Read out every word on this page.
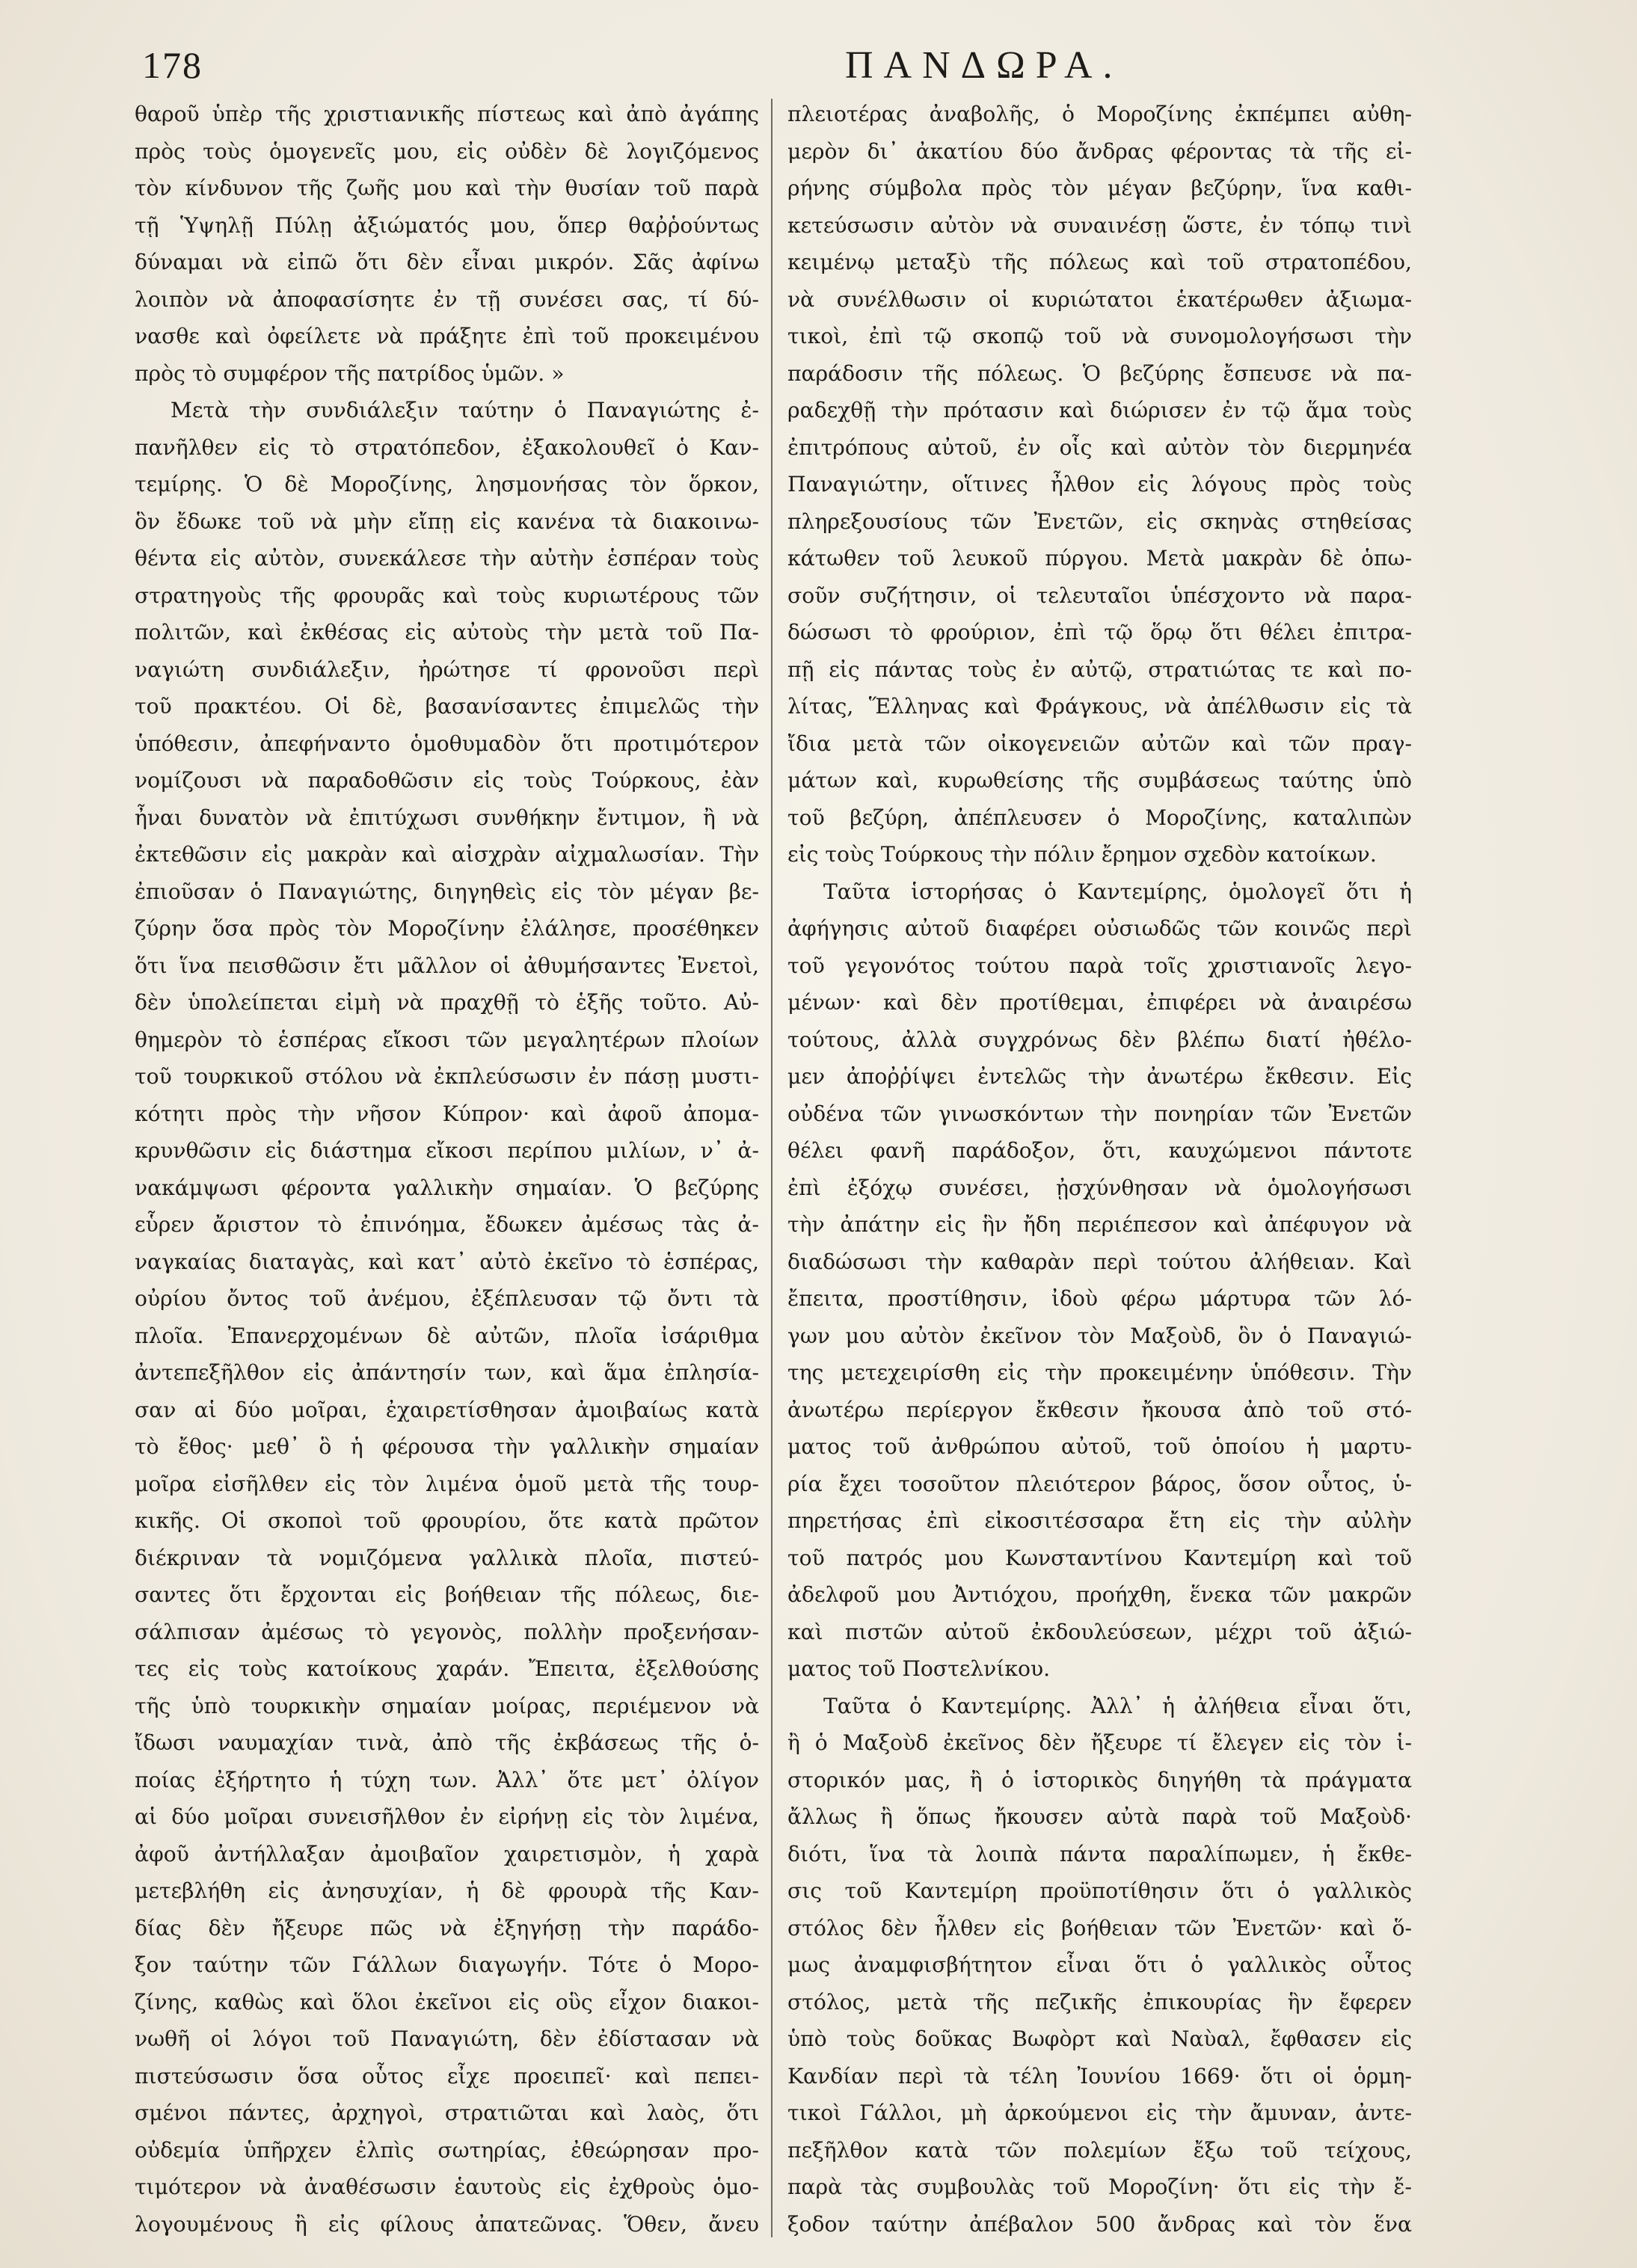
178	ΠΑΝΔΩΡΑ.
θαροῦ ὑπὲρ τῆς χριστιανικῆς πίστεως καὶ ἀπὸ ἀγάπης
πρὸς τοὺς ὁμογενεῖς μου, εἰς οὐδὲν δὲ λογιζόμενος
τὸν κίνδυνον τῆς ζωῆς μου καὶ τὴν θυσίαν τοῦ παρὰ
τῇ Ὑψηλῇ Πύλῃ ἀξιώματός μου, ὅπερ θαῤῥούντως
δύναμαι νὰ εἰπῶ ὅτι δὲν εἶναι μικρόν. Σᾶς ἀφίνω
λοιπὸν νὰ ἀποφασίσητε ἐν τῇ συνέσει σας, τί δύ-
νασθε καὶ ὀφείλετε νὰ πράξητε ἐπὶ τοῦ προκειμένου
πρὸς τὸ συμφέρον τῆς πατρίδος ὑμῶν. »
Μετὰ τὴν συνδιάλεξιν ταύτην ὁ Παναγιώτης ἐ-
πανῆλθεν εἰς τὸ στρατόπεδον, ἐξακολουθεῖ ὁ Καν-
τεμίρης. Ὁ δὲ Μοροζίνης, λησμονήσας τὸν ὅρκον,
ὃν ἔδωκε τοῦ νὰ μὴν εἴπῃ εἰς κανένα τὰ διακοινω-
θέντα εἰς αὐτὸν, συνεκάλεσε τὴν αὐτὴν ἑσπέραν τοὺς
στρατηγοὺς τῆς φρουρᾶς καὶ τοὺς κυριωτέρους τῶν
πολιτῶν, καὶ ἐκθέσας εἰς αὐτοὺς τὴν μετὰ τοῦ Πα-
ναγιώτη συνδιάλεξιν, ἠρώτησε τί φρονοῦσι περὶ
τοῦ πρακτέου. Οἱ δὲ, βασανίσαντες ἐπιμελῶς τὴν
ὑπόθεσιν, ἀπεφήναντο ὁμοθυμαδὸν ὅτι προτιμότερον
νομίζουσι νὰ παραδοθῶσιν εἰς τοὺς Τούρκους, ἐὰν
ἦναι δυνατὸν νὰ ἐπιτύχωσι συνθήκην ἔντιμον, ἢ νὰ
ἐκτεθῶσιν εἰς μακρὰν καὶ αἰσχρὰν αἰχμαλωσίαν. Τὴν
ἐπιοῦσαν ὁ Παναγιώτης, διηγηθεὶς εἰς τὸν μέγαν βε-
ζύρην ὅσα πρὸς τὸν Μοροζίνην ἐλάλησε, προσέθηκεν
ὅτι ἵνα πεισθῶσιν ἔτι μᾶλλον οἱ ἀθυμήσαντες Ἐνετοὶ,
δὲν ὑπολείπεται εἰμὴ νὰ πραχθῇ τὸ ἑξῆς τοῦτο. Αὐ-
θημερὸν τὸ ἑσπέρας εἴκοσι τῶν μεγαλητέρων πλοίων
τοῦ τουρκικοῦ στόλου νὰ ἐκπλεύσωσιν ἐν πάσῃ μυστι-
κότητι πρὸς τὴν νῆσον Κύπρον· καὶ ἀφοῦ ἀπομα-
κρυνθῶσιν εἰς διάστημα εἴκοσι περίπου μιλίων, ν᾽ ἀ-
νακάμψωσι φέροντα γαλλικὴν σημαίαν. Ὁ βεζύρης
εὗρεν ἄριστον τὸ ἐπινόημα, ἔδωκεν ἀμέσως τὰς ἀ-
ναγκαίας διαταγὰς, καὶ κατ᾽ αὐτὸ ἐκεῖνο τὸ ἑσπέρας,
οὐρίου ὄντος τοῦ ἀνέμου, ἐξέπλευσαν τῷ ὄντι τὰ
πλοῖα. Ἐπανερχομένων δὲ αὐτῶν, πλοῖα ἰσάριθμα
ἀντεπεξῆλθον εἰς ἀπάντησίν των, καὶ ἅμα ἐπλησία-
σαν αἱ δύο μοῖραι, ἐχαιρετίσθησαν ἀμοιβαίως κατὰ
τὸ ἔθος· μεθ᾽ ὃ ἡ φέρουσα τὴν γαλλικὴν σημαίαν
μοῖρα εἰσῆλθεν εἰς τὸν λιμένα ὁμοῦ μετὰ τῆς τουρ-
κικῆς. Οἱ σκοποὶ τοῦ φρουρίου, ὅτε κατὰ πρῶτον
διέκριναν τὰ νομιζόμενα γαλλικὰ πλοῖα, πιστεύ-
σαντες ὅτι ἔρχονται εἰς βοήθειαν τῆς πόλεως, διε-
σάλπισαν ἀμέσως τὸ γεγονὸς, πολλὴν προξενήσαν-
τες εἰς τοὺς κατοίκους χαράν. Ἔπειτα, ἐξελθούσης
τῆς ὑπὸ τουρκικὴν σημαίαν μοίρας, περιέμενον νὰ
ἴδωσι ναυμαχίαν τινὰ, ἀπὸ τῆς ἐκβάσεως τῆς ὁ-
ποίας ἐξήρτητο ἡ τύχη των. Ἀλλ᾽ ὅτε μετ᾽ ὀλίγον
αἱ δύο μοῖραι συνεισῆλθον ἐν εἰρήνῃ εἰς τὸν λιμένα,
ἀφοῦ ἀντήλλαξαν ἀμοιβαῖον χαιρετισμὸν, ἡ χαρὰ
μετεβλήθη εἰς ἀνησυχίαν, ἡ δὲ φρουρὰ τῆς Καν-
δίας δὲν ἤξευρε πῶς νὰ ἐξηγήσῃ τὴν παράδο-
ξον ταύτην τῶν Γάλλων διαγωγήν. Τότε ὁ Μορο-
ζίνης, καθὼς καὶ ὅλοι ἐκεῖνοι εἰς οὓς εἶχον διακοι-
νωθῆ οἱ λόγοι τοῦ Παναγιώτη, δὲν ἐδίστασαν νὰ
πιστεύσωσιν ὅσα οὗτος εἶχε προειπεῖ· καὶ πεπει-
σμένοι πάντες, ἀρχηγοὶ, στρατιῶται καὶ λαὸς, ὅτι
οὐδεμία ὑπῆρχεν ἐλπὶς σωτηρίας, ἐθεώρησαν προ-
τιμότερον νὰ ἀναθέσωσιν ἑαυτοὺς εἰς ἐχθροὺς ὁμο-
λογουμένους ἢ εἰς φίλους ἀπατεῶνας. Ὅθεν, ἄνευ
πλειοτέρας ἀναβολῆς, ὁ Μοροζίνης ἐκπέμπει αὐθη-
μερὸν δι᾽ ἀκατίου δύο ἄνδρας φέροντας τὰ τῆς εἰ-
ρήνης σύμβολα πρὸς τὸν μέγαν βεζύρην, ἵνα καθι-
κετεύσωσιν αὐτὸν νὰ συναινέσῃ ὥστε, ἐν τόπῳ τινὶ
κειμένῳ μεταξὺ τῆς πόλεως καὶ τοῦ στρατοπέδου,
νὰ συνέλθωσιν οἱ κυριώτατοι ἑκατέρωθεν ἀξιωμα-
τικοὶ, ἐπὶ τῷ σκοπῷ τοῦ νὰ συνομολογήσωσι τὴν
παράδοσιν τῆς πόλεως. Ὁ βεζύρης ἔσπευσε νὰ πα-
ραδεχθῇ τὴν πρότασιν καὶ διώρισεν ἐν τῷ ἅμα τοὺς
ἐπιτρόπους αὐτοῦ, ἐν οἷς καὶ αὐτὸν τὸν διερμηνέα
Παναγιώτην, οἵτινες ἦλθον εἰς λόγους πρὸς τοὺς
πληρεξουσίους τῶν Ἐνετῶν, εἰς σκηνὰς στηθείσας
κάτωθεν τοῦ λευκοῦ πύργου. Μετὰ μακρὰν δὲ ὁπω-
σοῦν συζήτησιν, οἱ τελευταῖοι ὑπέσχοντο νὰ παρα-
δώσωσι τὸ φρούριον, ἐπὶ τῷ ὅρῳ ὅτι θέλει ἐπιτρα-
πῇ εἰς πάντας τοὺς ἐν αὐτῷ, στρατιώτας τε καὶ πο-
λίτας, Ἕλληνας καὶ Φράγκους, νὰ ἀπέλθωσιν εἰς τὰ
ἴδια μετὰ τῶν οἰκογενειῶν αὐτῶν καὶ τῶν πραγ-
μάτων καὶ, κυρωθείσης τῆς συμβάσεως ταύτης ὑπὸ
τοῦ βεζύρη, ἀπέπλευσεν ὁ Μοροζίνης, καταλιπὼν
εἰς τοὺς Τούρκους τὴν πόλιν ἔρημον σχεδὸν κατοίκων.
Ταῦτα ἱστορήσας ὁ Καντεμίρης, ὁμολογεῖ ὅτι ἡ
ἀφήγησις αὐτοῦ διαφέρει οὐσιωδῶς τῶν κοινῶς περὶ
τοῦ γεγονότος τούτου παρὰ τοῖς χριστιανοῖς λεγο-
μένων· καὶ δὲν προτίθεμαι, ἐπιφέρει νὰ ἀναιρέσω
τούτους, ἀλλὰ συγχρόνως δὲν βλέπω διατί ἠθέλο-
μεν ἀποῤῥίψει ἐντελῶς τὴν ἀνωτέρω ἔκθεσιν. Εἰς
οὐδένα τῶν γινωσκόντων τὴν πονηρίαν τῶν Ἐνετῶν
θέλει φανῆ παράδοξον, ὅτι, καυχώμενοι πάντοτε
ἐπὶ ἐξόχῳ συνέσει, ᾐσχύνθησαν νὰ ὁμολογήσωσι
τὴν ἀπάτην εἰς ἣν ἤδη περιέπεσον καὶ ἀπέφυγον νὰ
διαδώσωσι τὴν καθαρὰν περὶ τούτου ἀλήθειαν. Καὶ
ἔπειτα, προστίθησιν, ἰδοὺ φέρω μάρτυρα τῶν λό-
γων μου αὐτὸν ἐκεῖνον τὸν Μαξοὺδ, ὃν ὁ Παναγιώ-
της μετεχειρίσθη εἰς τὴν προκειμένην ὑπόθεσιν. Τὴν
ἀνωτέρω περίεργον ἔκθεσιν ἤκουσα ἀπὸ τοῦ στό-
ματος τοῦ ἀνθρώπου αὐτοῦ, τοῦ ὁποίου ἡ μαρτυ-
ρία ἔχει τοσοῦτον πλειότερον βάρος, ὅσον οὗτος, ὑ-
πηρετήσας ἐπὶ εἰκοσιτέσσαρα ἔτη εἰς τὴν αὐλὴν
τοῦ πατρός μου Κωνσταντίνου Καντεμίρη καὶ τοῦ
ἀδελφοῦ μου Ἀντιόχου, προήχθη, ἕνεκα τῶν μακρῶν
καὶ πιστῶν αὐτοῦ ἐκδουλεύσεων, μέχρι τοῦ ἀξιώ-
ματος τοῦ Ποστελνίκου.
Ταῦτα ὁ Καντεμίρης. Ἀλλ᾽ ἡ ἀλήθεια εἶναι ὅτι,
ἢ ὁ Μαξοὺδ ἐκεῖνος δὲν ἤξευρε τί ἔλεγεν εἰς τὸν ἱ-
στορικόν μας, ἢ ὁ ἱστορικὸς διηγήθη τὰ πράγματα
ἄλλως ἢ ὅπως ἤκουσεν αὐτὰ παρὰ τοῦ Μαξοὺδ·
διότι, ἵνα τὰ λοιπὰ πάντα παραλίπωμεν, ἡ ἔκθε-
σις τοῦ Καντεμίρη προϋποτίθησιν ὅτι ὁ γαλλικὸς
στόλος δὲν ἦλθεν εἰς βοήθειαν τῶν Ἐνετῶν· καὶ ὅ-
μως ἀναμφισβήτητον εἶναι ὅτι ὁ γαλλικὸς οὗτος
στόλος, μετὰ τῆς πεζικῆς ἐπικουρίας ἣν ἔφερεν
ὑπὸ τοὺς δοῦκας Βωφὸρτ καὶ Ναὺαλ, ἔφθασεν εἰς
Κανδίαν περὶ τὰ τέλη Ἰουνίου 1669· ὅτι οἱ ὁρμη-
τικοὶ Γάλλοι, μὴ ἀρκούμενοι εἰς τὴν ἄμυναν, ἀντε-
πεξῆλθον κατὰ τῶν πολεμίων ἔξω τοῦ τείχους,
παρὰ τὰς συμβουλὰς τοῦ Μοροζίνη· ὅτι εἰς τὴν ἔ-
ξοδον ταύτην ἀπέβαλον 500 ἄνδρας καὶ τὸν ἕνα
